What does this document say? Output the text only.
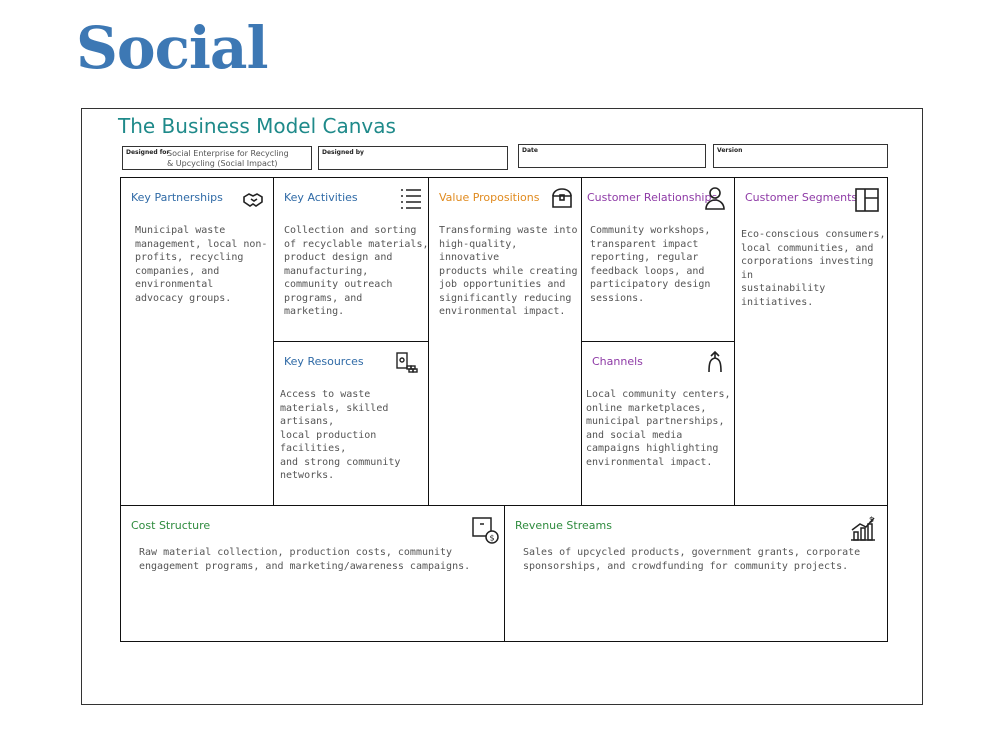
Social
The Business Model Canvas
Designed for
Social Enterprise for Recycling
& Upcycling (Social Impact)
Designed by	Date	Version
Key Partnerships
Municipal waste
management, local non-
profits, recycling
companies, and
environmental
advocacy groups.
Key Activities
Collection and sorting
of recyclable materials,
product design and
manufacturing,
community outreach
programs, and
marketing.
Key Resources
Access to waste
materials, skilled artisans,
local production facilities,
and strong community
networks.
Value Propositions
Transforming waste into
high-quality, innovative
products while creating
job opportunities and
significantly reducing
environmental impact.
Customer Relationships
Community workshops,
transparent impact
reporting, regular
feedback loops, and
participatory design
sessions.
Channels
Local community centers,
online marketplaces,
municipal partnerships,
and social media
campaigns highlighting
environmental impact.
Customer Segments
Eco-conscious consumers,
local communities, and
corporations investing in
sustainability initiatives.
Cost Structure
$
Raw material collection, production costs, community
engagement programs, and marketing/awareness campaigns.
Revenue Streams	$
Sales of upcycled products, government grants, corporate
sponsorships, and crowdfunding for community projects.
